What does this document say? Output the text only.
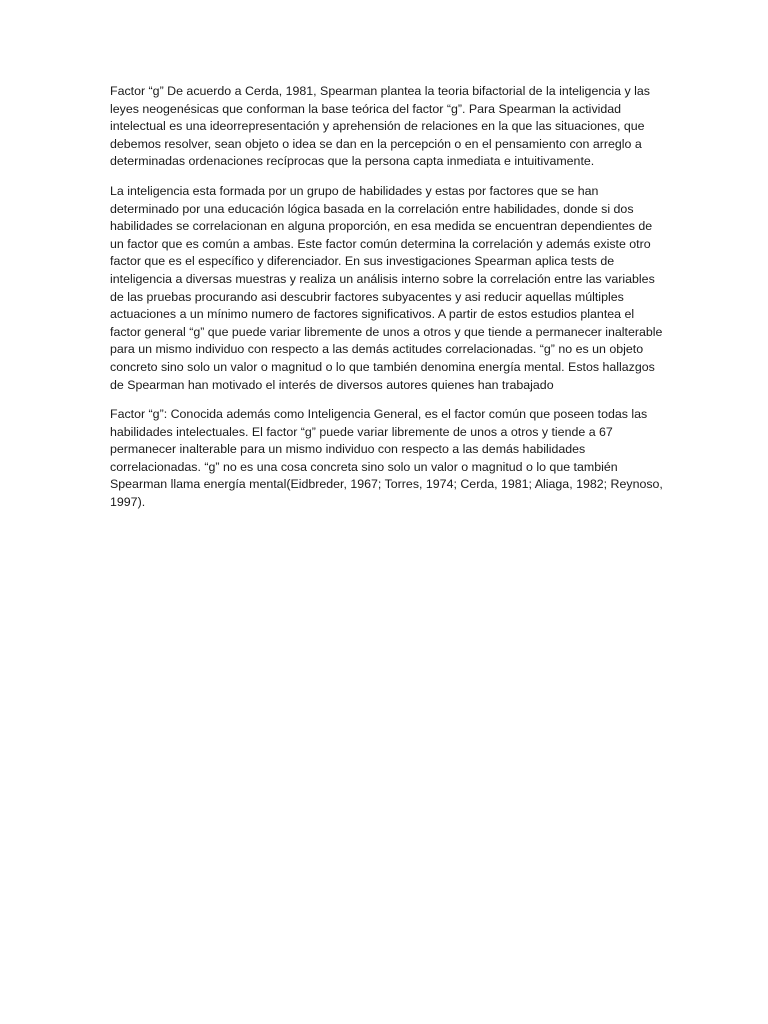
Factor “g” De acuerdo a Cerda, 1981, Spearman plantea la teoria bifactorial de la inteligencia y las leyes neogenésicas que conforman la base teórica del factor “g”. Para Spearman la actividad intelectual es una ideorrepresentación y aprehensión de relaciones en la que las situaciones, que debemos resolver, sean objeto o idea se dan en la percepción o en el pensamiento con arreglo a determinadas ordenaciones recíprocas que la persona capta inmediata e intuitivamente.

La inteligencia esta formada por un grupo de habilidades y estas por factores que se han determinado por una educación lógica basada en la correlación entre habilidades, donde si dos habilidades se correlacionan en alguna proporción, en esa medida se encuentran dependientes de un factor que es común a ambas. Este factor común determina la correlación y además existe otro factor que es el específico y diferenciador. En sus investigaciones Spearman aplica tests de inteligencia a diversas muestras y realiza un análisis interno sobre la correlación entre las variables de las pruebas procurando asi descubrir factores subyacentes y asi reducir aquellas múltiples actuaciones a un mínimo numero de factores significativos. A partir de estos estudios plantea el factor general “g” que puede variar libremente de unos a otros y que tiende a permanecer inalterable para un mismo individuo con respecto a las demás actitudes correlacionadas. “g” no es un objeto concreto sino solo un valor o magnitud o lo que también denomina energía mental. Estos hallazgos de Spearman han motivado el interés de diversos autores quienes han trabajado

Factor “g”: Conocida además como Inteligencia General, es el factor común que poseen todas las habilidades intelectuales. El factor “g” puede variar libremente de unos a otros y tiende a 67 permanecer inalterable para un mismo individuo con respecto a las demás habilidades correlacionadas. “g” no es una cosa concreta sino solo un valor o magnitud o lo que también Spearman llama energía mental(Eidbreder, 1967; Torres, 1974; Cerda, 1981; Aliaga, 1982; Reynoso, 1997).
